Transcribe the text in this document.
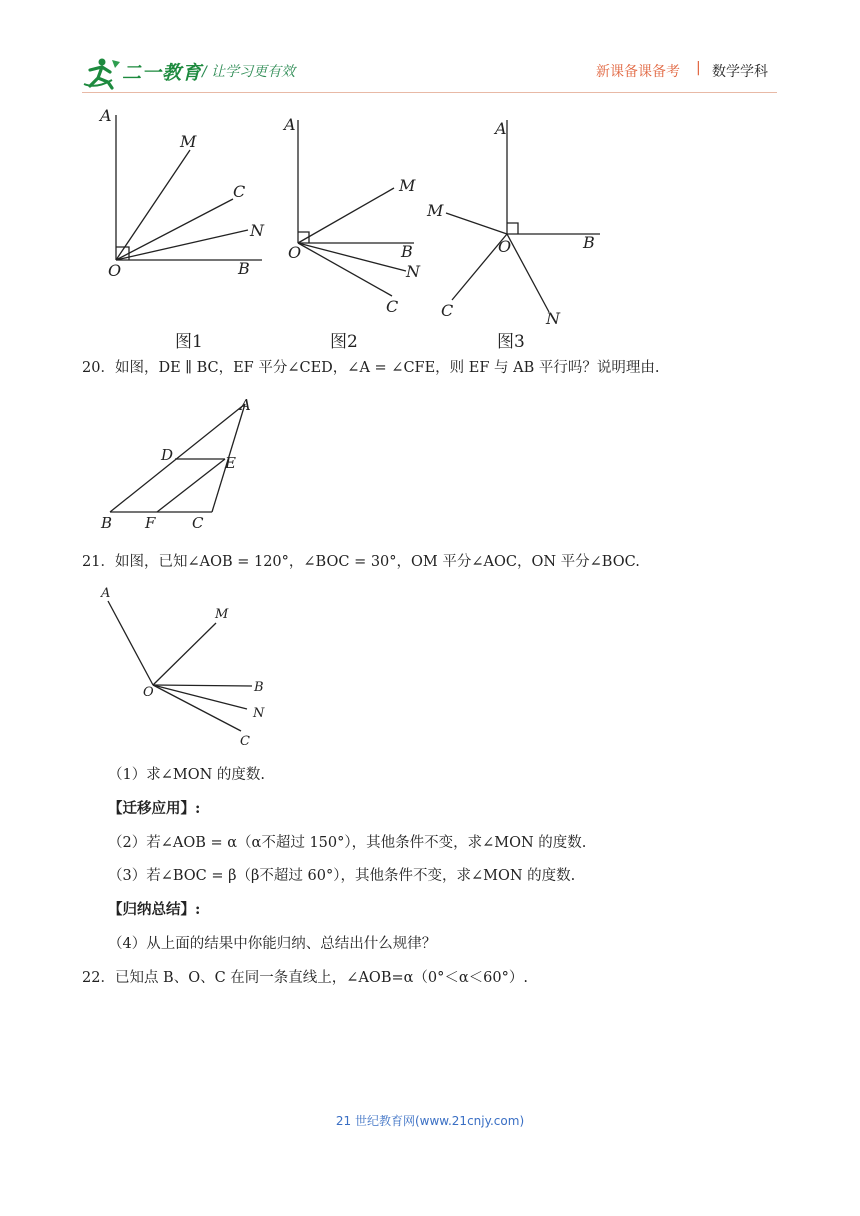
二一教育 / 让学习更有效	新课备课备考 | 数学学科
A
M
C
N
O	B
A
M
O	B
N
C
A
M
O	B
C	N
图1	图2	图3
20．如图，DE ∥ BC，EF 平分∠CED，∠A = ∠CFE，则 EF 与 AB 平行吗？说明理由.
A
D	E
B F C
21．如图，已知∠AOB = 120°，∠BOC = 30°，OM 平分∠AOC，ON 平分∠BOC.
A
M
O	B
N
C
（1）求∠MON 的度数.
【迁移应用】:
（2）若∠AOB = α（α不超过 150°），其他条件不变，求∠MON 的度数.
（3）若∠BOC = β（β不超过 60°），其他条件不变，求∠MON 的度数.
【归纳总结】:
（4）从上面的结果中你能归纳、总结出什么规律？
22．已知点 B、O、C 在同一条直线上，∠AOB=α（0°＜α＜60°）.
21 世纪教育网(www.21cnjy.com)
